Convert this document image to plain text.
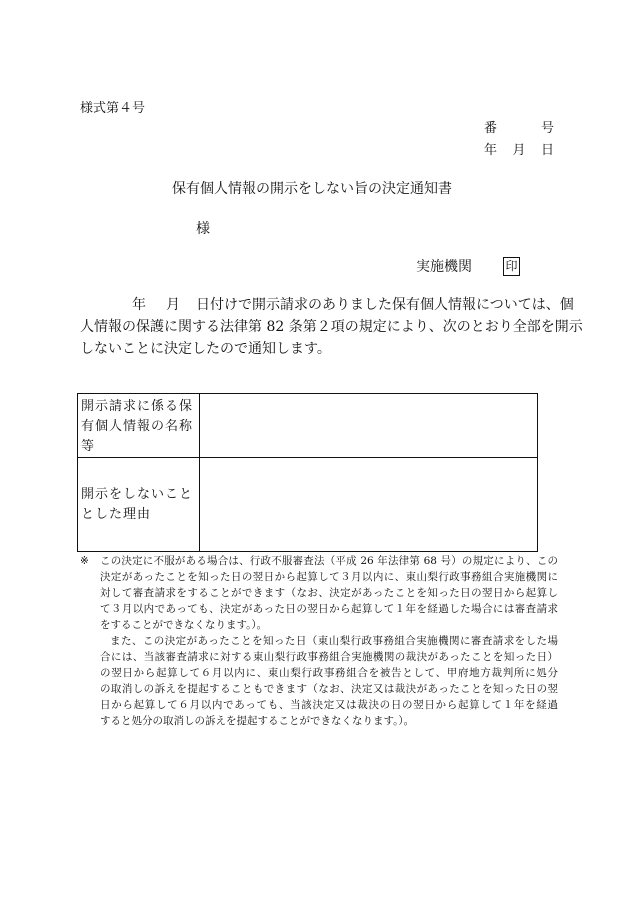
様式第４号
番	号
年 月 日
保有個人情報の開示をしない旨の決定通知書
様
実施機関	印
年 月 日付けで開示請求のありました保有個人情報については、個
人情報の保護に関する法律第 82 条第２項の規定により、次のとおり全部を開示
しないことに決定したので通知します。
開示請求に係る保
有個人情報の名称
等	

開示をしないこと
とした理由	

※ この決定に不服がある場合は、行政不服審査法（平成 26 年法律第 68 号）の規定により、この
決定があったことを知った日の翌日から起算して３月以内に、東山梨行政事務組合実施機関に
対して審査請求をすることができます（なお、決定があったことを知った日の翌日から起算し
て３月以内であっても、決定があった日の翌日から起算して１年を経過した場合には審査請求
をすることができなくなります。）。

また、この決定があったことを知った日（東山梨行政事務組合実施機関に審査請求をした場
合には、当該審査請求に対する東山梨行政事務組合実施機関の裁決があったことを知った日）
の翌日から起算して６月以内に、東山梨行政事務組合を被告として、甲府地方裁判所に処分
の取消しの訴えを提起することもできます（なお、決定又は裁決があったことを知った日の翌
日から起算して６月以内であっても、当該決定又は裁決の日の翌日から起算して１年を経過
すると処分の取消しの訴えを提起することができなくなります。）。
